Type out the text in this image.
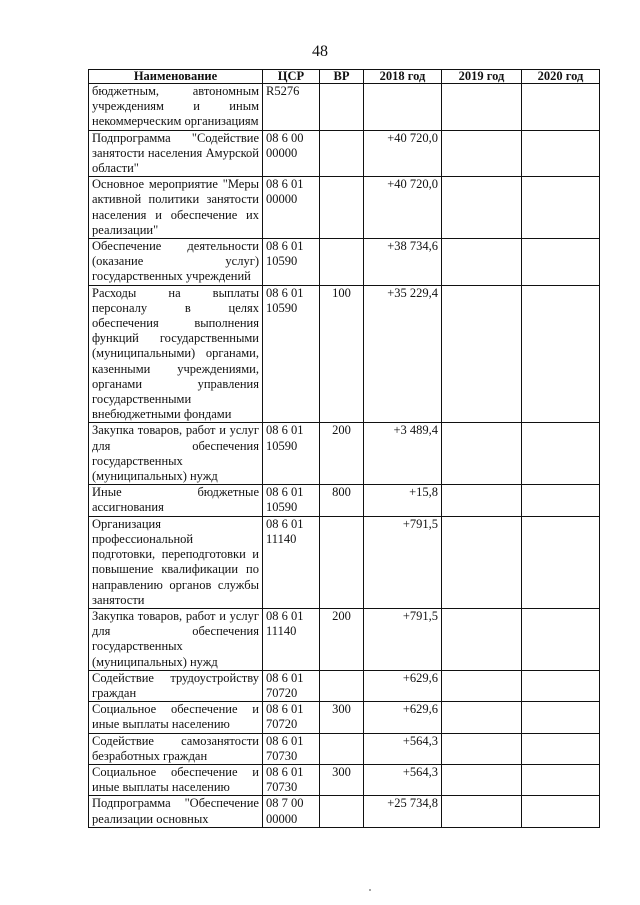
48
Наименование	ЦСР	ВР	2018 год	2019 год	2020 год
бюджетным, автономным учреждениям и иным некоммерческим организациям	R5276				
Подпрограмма "Содействие занятости населения Амурской области"	08 6 00 00000		+40 720,0		
Основное мероприятие "Меры активной политики занятости населения и обеспечение их реализации"	08 6 01 00000		+40 720,0		
Обеспечение деятельности (оказание услуг) государственных учреждений	08 6 01 10590		+38 734,6		
Расходы на выплаты персоналу в целях обеспечения выполнения функций государственными (муниципальными) органами, казенными учреждениями, органами управления государственными внебюджетными фондами	08 6 01 10590	100	+35 229,4		
Закупка товаров, работ и услуг для обеспечения государственных (муниципальных) нужд	08 6 01 10590	200	+3 489,4		
Иные бюджетные ассигнования	08 6 01 10590	800	+15,8		
Организация профессиональной подготовки, переподготовки и повышение квалификации по направлению органов службы занятости	08 6 01 11140		+791,5		
Закупка товаров, работ и услуг для обеспечения государственных (муниципальных) нужд	08 6 01 11140	200	+791,5		
Содействие трудоустройству граждан	08 6 01 70720		+629,6		
Социальное обеспечение и иные выплаты населению	08 6 01 70720	300	+629,6		
Содействие самозанятости безработных граждан	08 6 01 70730		+564,3		
Социальное обеспечение и иные выплаты населению	08 6 01 70730	300	+564,3		
Подпрограмма "Обеспечение реализации основных	08 7 00 00000		+25 734,8		
